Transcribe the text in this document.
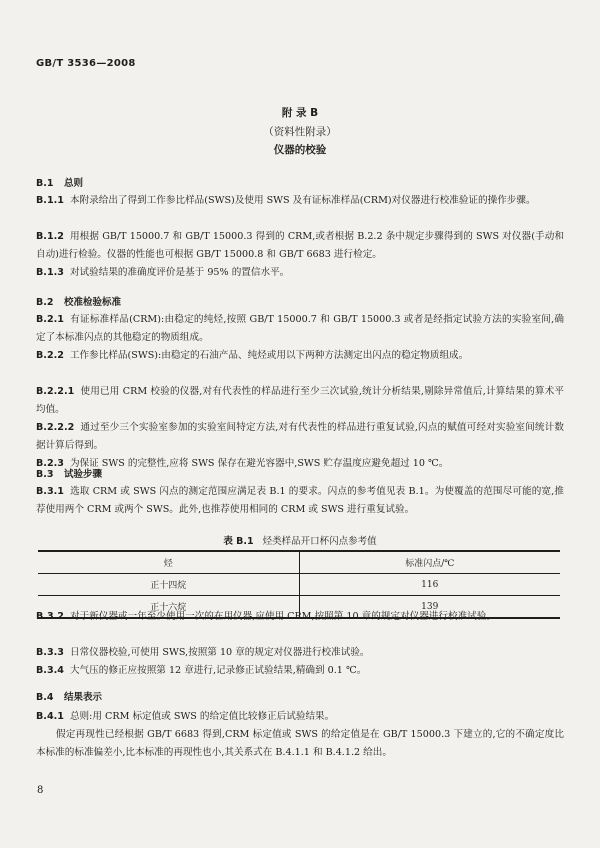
GB/T 3536—2008
附 录 B
（资料性附录）
仪器的校验
B.1 总则
B.1.1 本附录给出了得到工作参比样品(SWS)及使用 SWS 及有证标准样品(CRM)对仪器进行校准验证的操作步骤。
B.1.2 用根据 GB/T 15000.7 和 GB/T 15000.3 得到的 CRM,或者根据 B.2.2 条中规定步骤得到的 SWS 对仪器(手动和自动)进行检验。仪器的性能也可根据 GB/T 15000.8 和 GB/T 6683 进行检定。
B.1.3 对试验结果的准确度评价是基于 95% 的置信水平。
B.2 校准检验标准
B.2.1 有证标准样品(CRM):由稳定的纯烃,按照 GB/T 15000.7 和 GB/T 15000.3 或者是经指定试验方法的实验室间,确定了本标准闪点的其他稳定的物质组成。
B.2.2 工作参比样品(SWS):由稳定的石油产品、纯烃或用以下两种方法测定出闪点的稳定物质组成。
B.2.2.1 使用已用 CRM 校验的仪器,对有代表性的样品进行至少三次试验,统计分析结果,剔除异常值后,计算结果的算术平均值。
B.2.2.2 通过至少三个实验室参加的实验室间特定方法,对有代表性的样品进行重复试验,闪点的赋值可经对实验室间统计数据计算后得到。
B.2.3 为保证 SWS 的完整性,应将 SWS 保存在避光容器中,SWS 贮存温度应避免超过 10 ℃。
B.3 试验步骤
B.3.1 选取 CRM 或 SWS 闪点的测定范围应满足表 B.1 的要求。闪点的参考值见表 B.1。为使覆盖的范围尽可能的宽,推荐使用两个 CRM 或两个 SWS。此外,也推荐使用相同的 CRM 或 SWS 进行重复试验。
表 B.1 烃类样品开口杯闪点参考值
烃	标准闪点/℃
正十四烷	116
正十六烷	139
B.3.2 对于新仪器或一年至少使用一次的在用仪器,应使用 CRM,按照第 10 章的规定对仪器进行校准试验。
B.3.3 日常仪器校验,可使用 SWS,按照第 10 章的规定对仪器进行校准试验。
B.3.4 大气压的修正应按照第 12 章进行,记录修正试验结果,精确到 0.1 ℃。
B.4 结果表示
B.4.1 总则:用 CRM 标定值或 SWS 的给定值比较修正后试验结果。
假定再现性已经根据 GB/T 6683 得到,CRM 标定值或 SWS 的给定值是在 GB/T 15000.3 下建立的,它的不确定度比本标准的标准偏差小,比本标准的再现性也小,其关系式在 B.4.1.1 和 B.4.1.2 给出。
8
